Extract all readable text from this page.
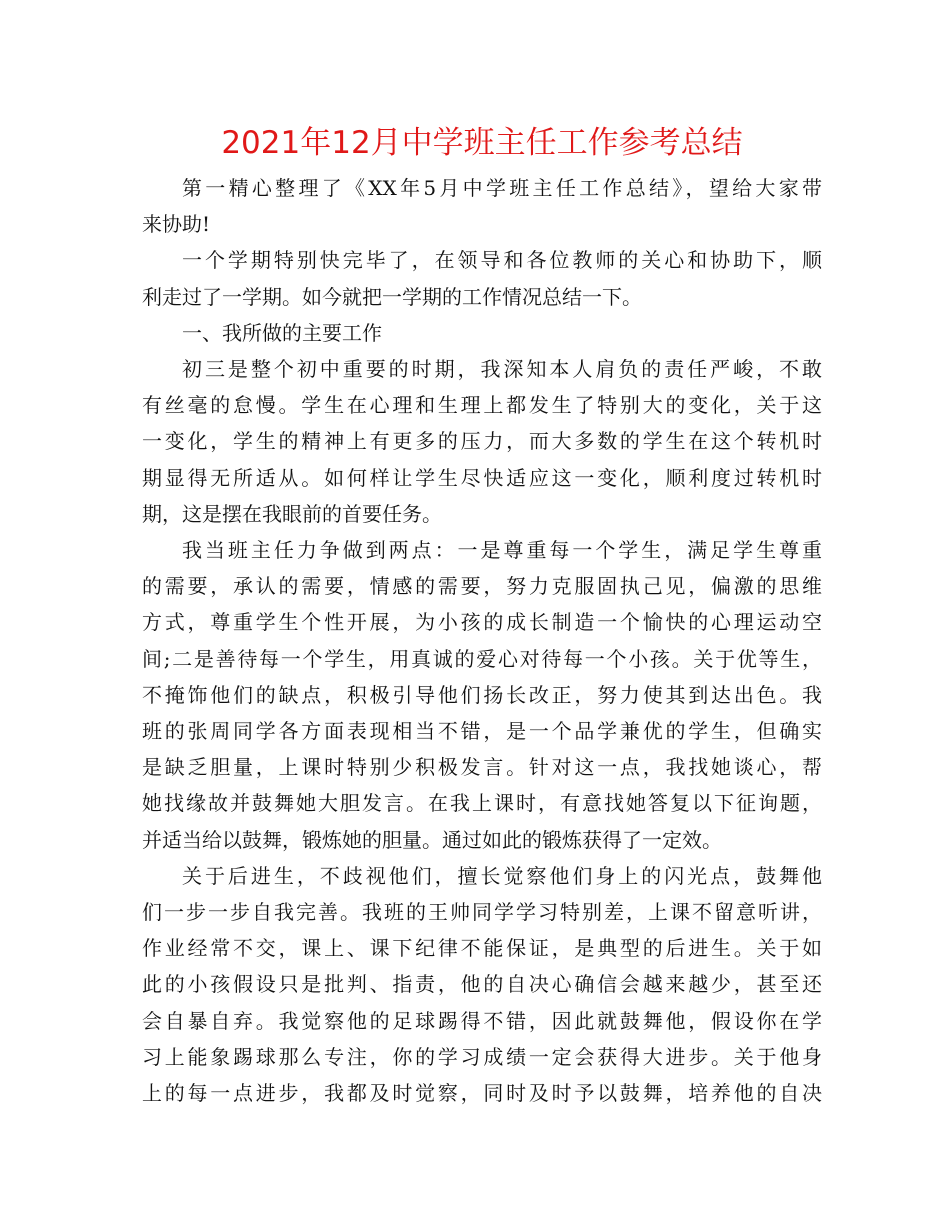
2021年12月中学班主任工作参考总结

第一精心整理了《XX年5月中学班主任工作总结》，望给大家带
来协助!

一个学期特别快完毕了，在领导和各位教师的关心和协助下，顺
利走过了一学期。如今就把一学期的工作情况总结一下。

一、我所做的主要工作

初三是整个初中重要的时期，我深知本人肩负的责任严峻，不敢
有丝毫的怠慢。学生在心理和生理上都发生了特别大的变化，关于这
一变化，学生的精神上有更多的压力，而大多数的学生在这个转机时
期显得无所适从。如何样让学生尽快适应这一变化，顺利度过转机时
期，这是摆在我眼前的首要任务。

我当班主任力争做到两点：一是尊重每一个学生，满足学生尊重
的需要，承认的需要，情感的需要，努力克服固执己见，偏激的思维
方式，尊重学生个性开展，为小孩的成长制造一个愉快的心理运动空
间;二是善待每一个学生，用真诚的爱心对待每一个小孩。关于优等生，
不掩饰他们的缺点，积极引导他们扬长改正，努力使其到达出色。我
班的张周同学各方面表现相当不错，是一个品学兼优的学生，但确实
是缺乏胆量，上课时特别少积极发言。针对这一点，我找她谈心，帮
她找缘故并鼓舞她大胆发言。在我上课时，有意找她答复以下征询题，
并适当给以鼓舞，锻炼她的胆量。通过如此的锻炼获得了一定效。

关于后进生，不歧视他们，擅长觉察他们身上的闪光点，鼓舞他
们一步一步自我完善。我班的王帅同学学习特别差，上课不留意听讲，
作业经常不交，课上、课下纪律不能保证，是典型的后进生。关于如
此的小孩假设只是批判、指责，他的自决心确信会越来越少，甚至还
会自暴自弃。我觉察他的足球踢得不错，因此就鼓舞他，假设你在学
习上能象踢球那么专注，你的学习成绩一定会获得大进步。关于他身
上的每一点进步，我都及时觉察，同时及时予以鼓舞，培养他的自决
